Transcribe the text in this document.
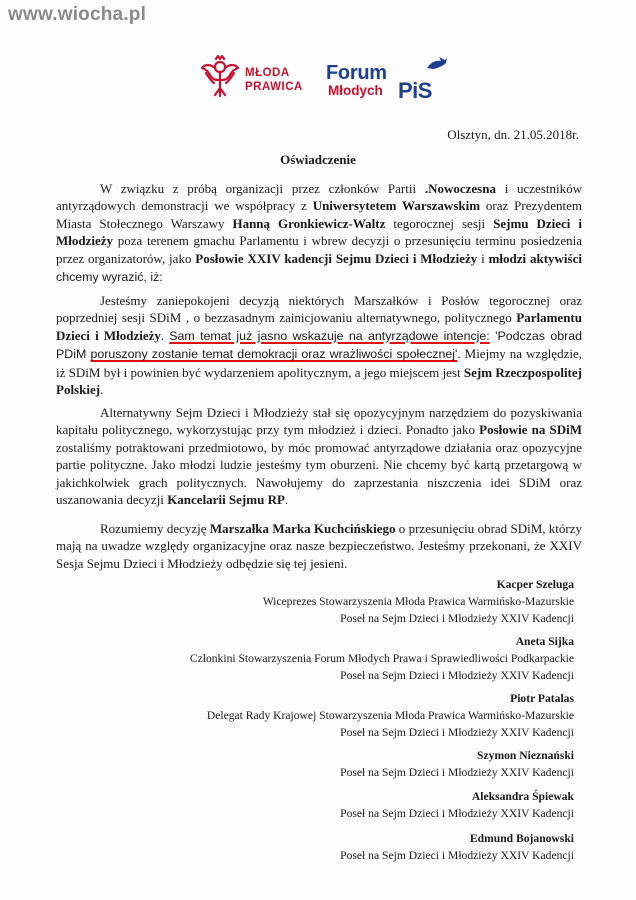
www.wiocha.pl
MŁODA
PRAWICA
Forum
Młodych PiS
Olsztyn, dn. 21.05.2018r.
Oświadczenie

W związku z próbą organizacji przez członków Partii .Nowoczesna i uczestników antyrządowych demonstracji we współpracy z Uniwersytetem Warszawskim oraz Prezydentem Miasta Stołecznego Warszawy Hanną Gronkiewicz-Waltz tegorocznej sesji Sejmu Dzieci i Młodzieży poza terenem gmachu Parlamentu i wbrew decyzji o przesunięciu terminu posiedzenia przez organizatorów, jako Posłowie XXIV kadencji Sejmu Dzieci i Młodzieży i młodzi aktywiści chcemy wyrazić, iż:

Jesteśmy zaniepokojeni decyzją niektórych Marszałków i Posłów tegorocznej oraz poprzedniej sesji SDiM , o bezzasadnym zainicjowaniu alternatywnego, politycznego Parlamentu Dzieci i Młodzieży. Sam temat już jasno wskazuje na antyrządowe intencje: 'Podczas obrad PDiM poruszony zostanie temat demokracji oraz wrażliwości społecznej'. Miejmy na względzie, iż SDiM był i powinien być wydarzeniem apolitycznym, a jego miejscem jest Sejm Rzeczpospolitej Polskiej.

Alternatywny Sejm Dzieci i Młodzieży stał się opozycyjnym narzędziem do pozyskiwania kapitału politycznego, wykorzystując przy tym młodzież i dzieci. Ponadto jako Posłowie na SDiM zostaliśmy potraktowani przedmiotowo, by móc promować antyrządowe działania oraz opozycyjne partie polityczne. Jako młodzi ludzie jesteśmy tym oburzeni. Nie chcemy być kartą przetargową w jakichkolwiek grach politycznych. Nawołujemy do zaprzestania niszczenia idei SDiM oraz uszanowania decyzji Kancelarii Sejmu RP.

Rozumiemy decyzję Marszałka Marka Kuchcińskiego o przesunięciu obrad SDiM, którzy mają na uwadze względy organizacyjne oraz nasze bezpieczeństwo. Jesteśmy przekonani, że XXIV Sesja Sejmu Dzieci i Młodzieży odbędzie się tej jesieni.

Kacper Szeluga
Wiceprezes Stowarzyszenia Młoda Prawica Warmińsko-Mazurskie
Poseł na Sejm Dzieci i Młodzieży XXIV Kadencji
Aneta Sijka
Członkini Stowarzyszenia Forum Młodych Prawa i Sprawiedliwości Podkarpackie
Poseł na Sejm Dzieci i Młodzieży XXIV Kadencji
Piotr Patalas
Delegat Rady Krajowej Stowarzyszenia Młoda Prawica Warmińsko-Mazurskie
Poseł na Sejm Dzieci i Młodzieży XXIV Kadencji
Szymon Nieznański
Poseł na Sejm Dzieci i Młodzieży XXIV Kadencji
Aleksandra Śpiewak
Poseł na Sejm Dzieci i Młodzieży XXIV Kadencji
Edmund Bojanowski
Poseł na Sejm Dzieci i Młodzieży XXIV Kadencji
